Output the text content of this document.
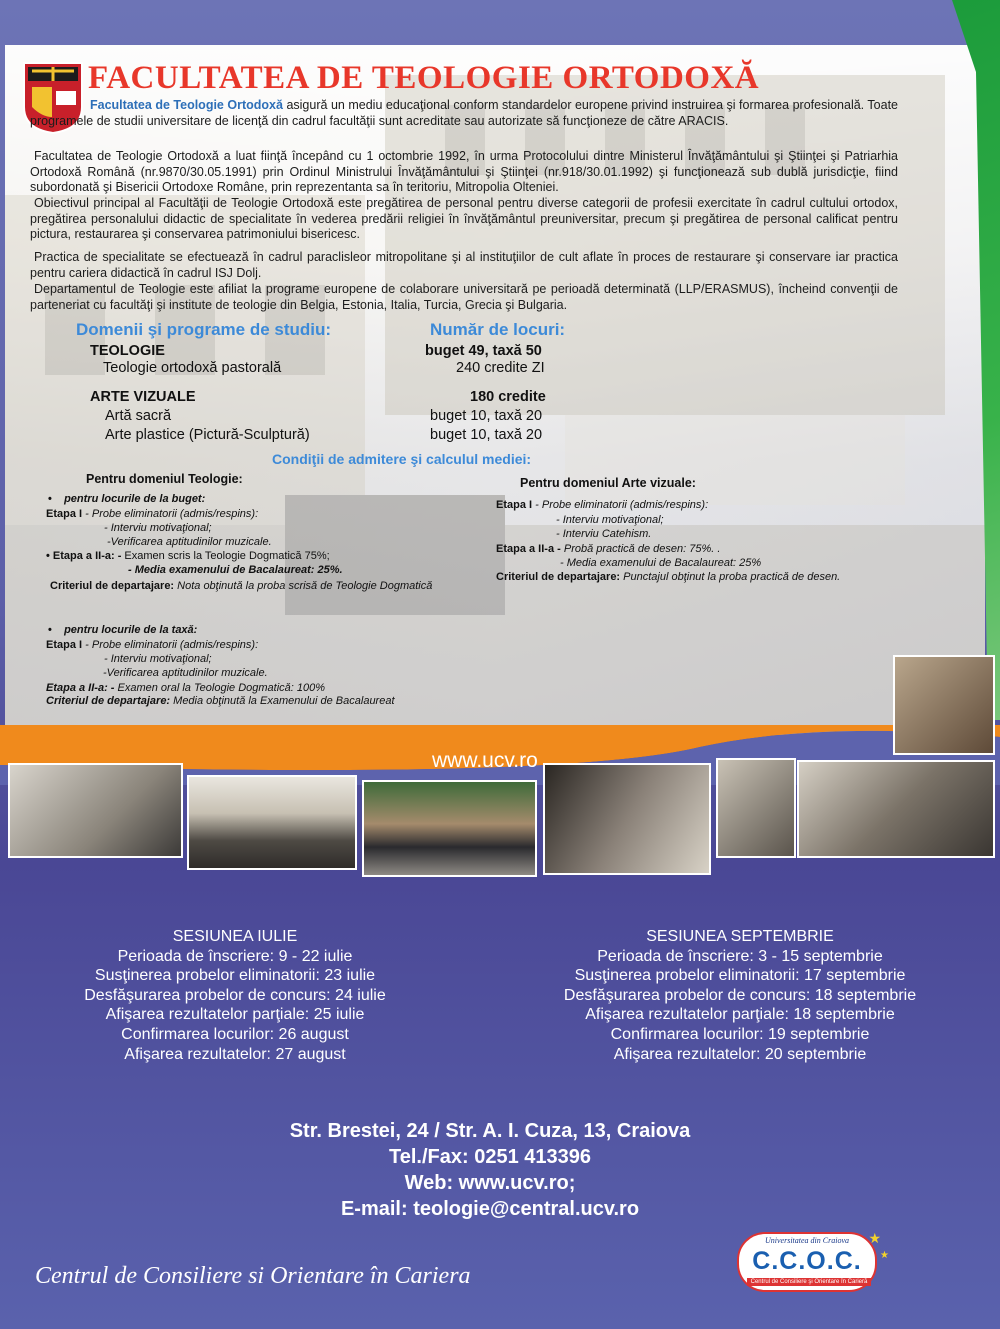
FACULTATEA DE TEOLOGIE ORTODOXĂ

Facultatea de Teologie Ortodoxă asigură un mediu educaţional conform standardelor europene privind instruirea şi formarea profesională. Toate programele de studii universitare de licenţă din cadrul facultăţii sunt acreditate sau autorizate să funcţioneze de către ARACIS.

Facultatea de Teologie Ortodoxă a luat fiinţă începând cu 1 octombrie 1992, în urma Protocolului dintre Ministerul Învăţământului şi Ştiinţei şi Patriarhia Ortodoxă Română (nr.9870/30.05.1991) prin Ordinul Ministrului Învăţământului şi Ştiinţei (nr.918/30.01.1992) şi funcţionează sub dublă jurisdicţie, fiind subordonată şi Bisericii Ortodoxe Române, prin reprezentanta sa în teritoriu, Mitropolia Olteniei.

Obiectivul principal al Facultăţii de Teologie Ortodoxă este pregătirea de personal pentru diverse categorii de profesii exercitate în cadrul cultului ortodox, pregătirea personalului didactic de specialitate în vederea predării religiei în învăţământul preuniversitar, precum şi pregătirea de personal calificat pentru pictura, restaurarea şi conservarea patrimoniului bisericesc.

Practica de specialitate se efectuează în cadrul paraclisleor mitropolitane şi al instituţiilor de cult aflate în proces de restaurare şi conservare iar practica pentru cariera didactică în cadrul ISJ Dolj.

Departamentul de Teologie este afiliat la programe europene de colaborare universitară pe perioadă determinată (LLP/ERASMUS), încheind convenţii de parteneriat cu facultăţi şi institute de teologie din Belgia, Estonia, Italia, Turcia, Grecia şi Bulgaria.

Domenii şi programe de studiu:	Număr de locuri:
TEOLOGIE	buget 49, taxă 50
Teologie ortodoxă pastorală	240 credite ZI
ARTE VIZUALE	180 credite
Artă sacră	buget 10, taxă 20
Arte plastice (Pictură-Sculptură)	buget 10, taxă 20
Condiţii de admitere şi calculul mediei:
Pentru domeniul Teologie:
•    pentru locurile de la buget:
Etapa I - Probe eliminatorii (admis/respins):
- Interviu motivaţional;
-Verificarea aptitudinilor muzicale.
• Etapa a II-a: - Examen scris la Teologie Dogmatică 75%;
- Media examenului de Bacalaureat: 25%.
Criteriul de departajare: Nota obţinută la proba scrisă de Teologie Dogmatică
•    pentru locurile de la taxă:
Etapa I - Probe eliminatorii (admis/respins):
- Interviu motivaţional;
-Verificarea aptitudinilor muzicale.
Etapa a II-a: - Examen oral la Teologie Dogmatică: 100%
Criteriul de departajare: Media obţinută la Examenului de Bacalaureat
Pentru domeniul Arte vizuale:
Etapa I - Probe eliminatorii (admis/respins):
- Interviu motivaţional;
- Interviu Catehism.
Etapa a II-a - Probă practică de desen: 75%. .
- Media examenului de Bacalaureat: 25%
Criteriul de departajare: Punctajul obţinut la proba practică de desen.
www.ucv.ro
SESIUNEA IULIE
Perioada de înscriere: 9 - 22 iulie
Susţinerea probelor eliminatorii: 23 iulie
Desfăşurarea probelor de concurs: 24 iulie
Afişarea rezultatelor parţiale: 25 iulie
Confirmarea locurilor: 26 august
Afişarea rezultatelor: 27 august
SESIUNEA SEPTEMBRIE
Perioada de înscriere: 3 - 15 septembrie
Susţinerea probelor eliminatorii: 17 septembrie
Desfăşurarea probelor de concurs: 18 septembrie
Afişarea rezultatelor parţiale: 18 septembrie
Confirmarea locurilor: 19 septembrie
Afişarea rezultatelor: 20 septembrie
Str. Brestei, 24 / Str. A. I. Cuza, 13, Craiova
Tel./Fax: 0251 413396
Web: www.ucv.ro;
E-mail: teologie@central.ucv.ro
Centrul de Consiliere si Orientare în Cariera
Universitatea din Craiova
C.C.O.C.
Centrul de Consiliere şi Orientare în Carieră
★
★
